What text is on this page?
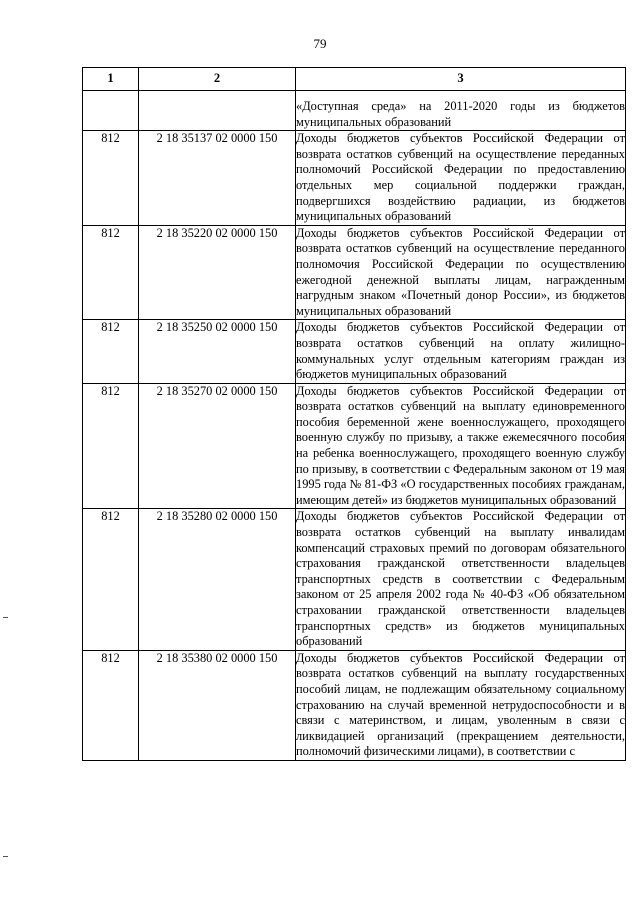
79
1	2	3
		«Доступная среда» на 2011-2020 годы из бюджетов муниципальных образований
812	2 18 35137 02 0000 150	Доходы бюджетов субъектов Российской Федерации от возврата остатков субвенций на осуществление переданных полномочий Российской Федерации по предоставлению отдельных мер социальной поддержки граждан, подвергшихся воздействию радиации, из бюджетов муниципальных образований
812	2 18 35220 02 0000 150	Доходы бюджетов субъектов Российской Федерации от возврата остатков субвенций на осуществление переданного полномочия Российской Федерации по осуществлению ежегодной денежной выплаты лицам, награжденным нагрудным знаком «Почетный донор России», из бюджетов муниципальных образований
812	2 18 35250 02 0000 150	Доходы бюджетов субъектов Российской Федерации от возврата остатков субвенций на оплату жилищно-коммунальных услуг отдельным категориям граждан из бюджетов муниципальных образований
812	2 18 35270 02 0000 150	Доходы бюджетов субъектов Российской Федерации от возврата остатков субвенций на выплату единовременного пособия беременной жене военнослужащего, проходящего военную службу по призыву, а также ежемесячного пособия на ребенка военнослужащего, проходящего военную службу по призыву, в соответствии с Федеральным законом от 19 мая 1995 года № 81-ФЗ «О государственных пособиях гражданам, имеющим детей» из бюджетов муниципальных образований
812	2 18 35280 02 0000 150	Доходы бюджетов субъектов Российской Федерации от возврата остатков субвенций на выплату инвалидам компенсаций страховых премий по договорам обязательного страхования гражданской ответственности владельцев транспортных средств в соответствии с Федеральным законом от 25 апреля 2002 года № 40-ФЗ «Об обязательном страховании гражданской ответственности владельцев транспортных средств» из бюджетов муниципальных образований
812	2 18 35380 02 0000 150	Доходы бюджетов субъектов Российской Федерации от возврата остатков субвенций на выплату государственных пособий лицам, не подлежащим обязательному социальному страхованию на случай временной нетрудоспособности и в связи с материнством, и лицам, уволенным в связи с ликвидацией организаций (прекращением деятельности, полномочий физическими лицами), в соответствии с
